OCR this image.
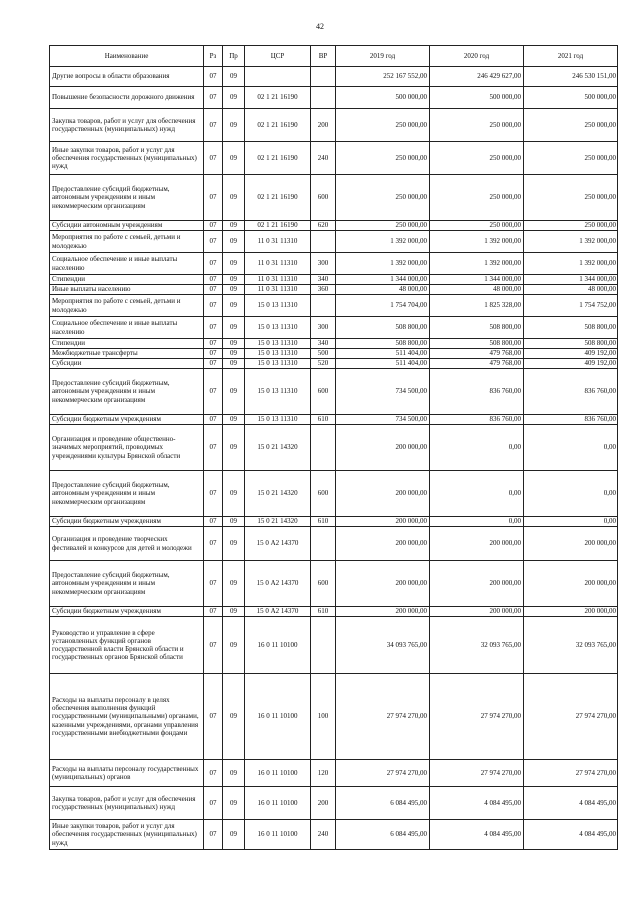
42
Наименование	Рз	Пр	ЦСР	ВР	2019 год	2020 год	2021 год
Другие вопросы в области образования	07	09			252 167 552,00	246 429 627,00	246 530 151,00
Повышение безопасности дорожного движения	07	09	02 1 21 16190		500 000,00	500 000,00	500 000,00
Закупка товаров, работ и услуг для обеспечения государственных (муниципальных) нужд	07	09	02 1 21 16190	200	250 000,00	250 000,00	250 000,00
Иные закупки товаров, работ и услуг для обеспечения государственных (муниципальных) нужд	07	09	02 1 21 16190	240	250 000,00	250 000,00	250 000,00
Предоставление субсидий бюджетным, автономным учреждениям и иным некоммерческим организациям	07	09	02 1 21 16190	600	250 000,00	250 000,00	250 000,00
Субсидии автономным учреждениям	07	09	02 1 21 16190	620	250 000,00	250 000,00	250 000,00
Мероприятия по работе с семьей, детьми и молодежью	07	09	11 0 31 11310		1 392 000,00	1 392 000,00	1 392 000,00
Социальное обеспечение и иные выплаты населению	07	09	11 0 31 11310	300	1 392 000,00	1 392 000,00	1 392 000,00
Стипендии	07	09	11 0 31 11310	340	1 344 000,00	1 344 000,00	1 344 000,00
Иные выплаты населению	07	09	11 0 31 11310	360	48 000,00	48 000,00	48 000,00
Мероприятия по работе с семьей, детьми и молодежью	07	09	15 0 13 11310		1 754 704,00	1 825 328,00	1 754 752,00
Социальное обеспечение и иные выплаты населению	07	09	15 0 13 11310	300	508 800,00	508 800,00	508 800,00
Стипендии	07	09	15 0 13 11310	340	508 800,00	508 800,00	508 800,00
Межбюджетные трансферты	07	09	15 0 13 11310	500	511 404,00	479 768,00	409 192,00
Субсидии	07	09	15 0 13 11310	520	511 404,00	479 768,00	409 192,00
Предоставление субсидий бюджетным, автономным учреждениям и иным некоммерческим организациям	07	09	15 0 13 11310	600	734 500,00	836 760,00	836 760,00
Субсидии бюджетным учреждениям	07	09	15 0 13 11310	610	734 500,00	836 760,00	836 760,00
Организация и проведение общественно-значимых мероприятий, проводимых учреждениями культуры Брянской области	07	09	15 0 21 14320		200 000,00	0,00	0,00
Предоставление субсидий бюджетным, автономным учреждениям и иным некоммерческим организациям	07	09	15 0 21 14320	600	200 000,00	0,00	0,00
Субсидии бюджетным учреждениям	07	09	15 0 21 14320	610	200 000,00	0,00	0,00
Организация и проведение творческих фестивалей и конкурсов для детей и молодежи	07	09	15 0 А2 14370		200 000,00	200 000,00	200 000,00
Предоставление субсидий бюджетным, автономным учреждениям и иным некоммерческим организациям	07	09	15 0 А2 14370	600	200 000,00	200 000,00	200 000,00
Субсидии бюджетным учреждениям	07	09	15 0 А2 14370	610	200 000,00	200 000,00	200 000,00
Руководство и управление в сфере установленных функций органов государственной власти Брянской области и государственных органов Брянской области	07	09	16 0 11 10100		34 093 765,00	32 093 765,00	32 093 765,00
Расходы на выплаты персоналу в целях обеспечения выполнения функций государственными (муниципальными) органами, казенными учреждениями, органами управления государственными внебюджетными фондами	07	09	16 0 11 10100	100	27 974 270,00	27 974 270,00	27 974 270,00
Расходы на выплаты персоналу государственных (муниципальных) органов	07	09	16 0 11 10100	120	27 974 270,00	27 974 270,00	27 974 270,00
Закупка товаров, работ и услуг для обеспечения государственных (муниципальных) нужд	07	09	16 0 11 10100	200	6 084 495,00	4 084 495,00	4 084 495,00
Иные закупки товаров, работ и услуг для обеспечения государственных (муниципальных) нужд	07	09	16 0 11 10100	240	6 084 495,00	4 084 495,00	4 084 495,00
